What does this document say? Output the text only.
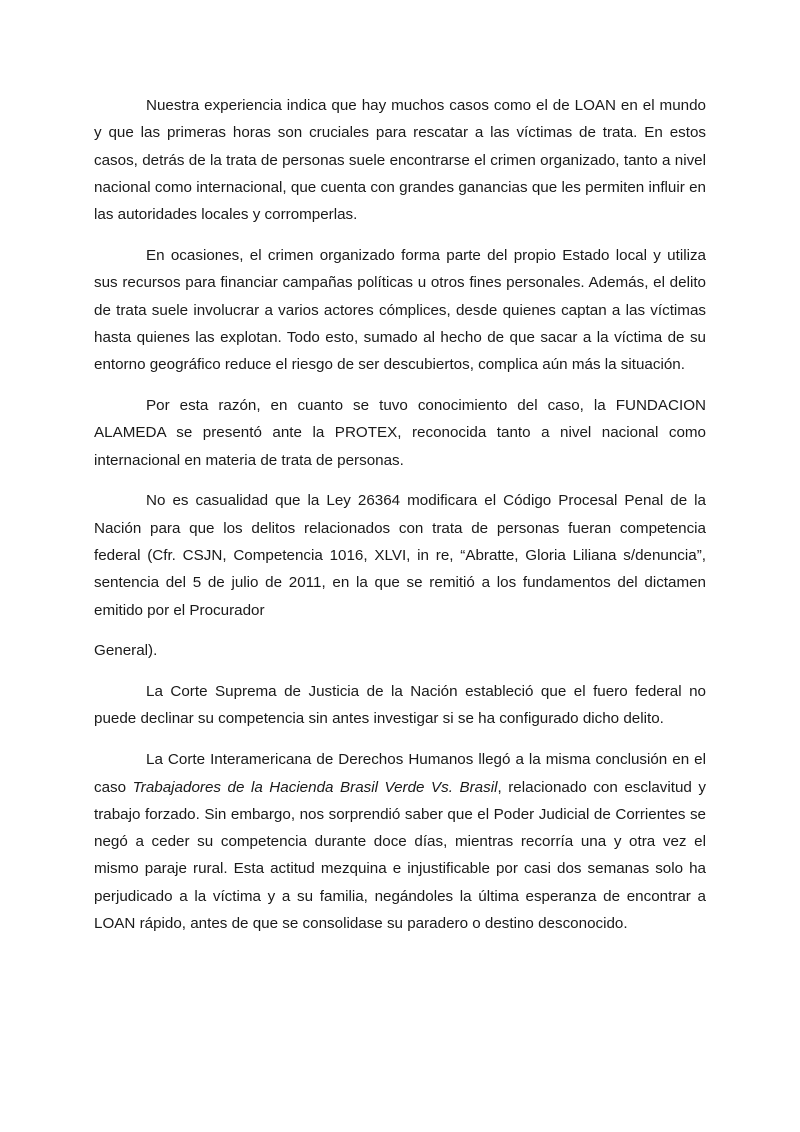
Nuestra experiencia indica que hay muchos casos como el de LOAN en el mundo y que las primeras horas son cruciales para rescatar a las víctimas de trata. En estos casos, detrás de la trata de personas suele encontrarse el crimen organizado, tanto a nivel nacional como internacional, que cuenta con grandes ganancias que les permiten influir en las autoridades locales y corromperlas.

En ocasiones, el crimen organizado forma parte del propio Estado local y utiliza sus recursos para financiar campañas políticas u otros fines personales. Además, el delito de trata suele involucrar a varios actores cómplices, desde quienes captan a las víctimas hasta quienes las explotan. Todo esto, sumado al hecho de que sacar a la víctima de su entorno geográfico reduce el riesgo de ser descubiertos, complica aún más la situación.

Por esta razón, en cuanto se tuvo conocimiento del caso, la FUNDACION ALAMEDA se presentó ante la PROTEX, reconocida tanto a nivel nacional como internacional en materia de trata de personas.

No es casualidad que la Ley 26364 modificara el Código Procesal Penal de la Nación para que los delitos relacionados con trata de personas fueran competencia federal (Cfr. CSJN, Competencia 1016, XLVI, in re, “Abratte, Gloria Liliana s/denuncia”, sentencia del 5 de julio de 2011, en la que se remitió a los fundamentos del dictamen emitido por el Procurador

General).

La Corte Suprema de Justicia de la Nación estableció que el fuero federal no puede declinar su competencia sin antes investigar si se ha configurado dicho delito.

La Corte Interamericana de Derechos Humanos llegó a la misma conclusión en el caso Trabajadores de la Hacienda Brasil Verde Vs. Brasil, relacionado con esclavitud y trabajo forzado. Sin embargo, nos sorprendió saber que el Poder Judicial de Corrientes se negó a ceder su competencia durante doce días, mientras recorría una y otra vez el mismo paraje rural. Esta actitud mezquina e injustificable por casi dos semanas solo ha perjudicado a la víctima y a su familia, negándoles la última esperanza de encontrar a LOAN rápido, antes de que se consolidase su paradero o destino desconocido.
